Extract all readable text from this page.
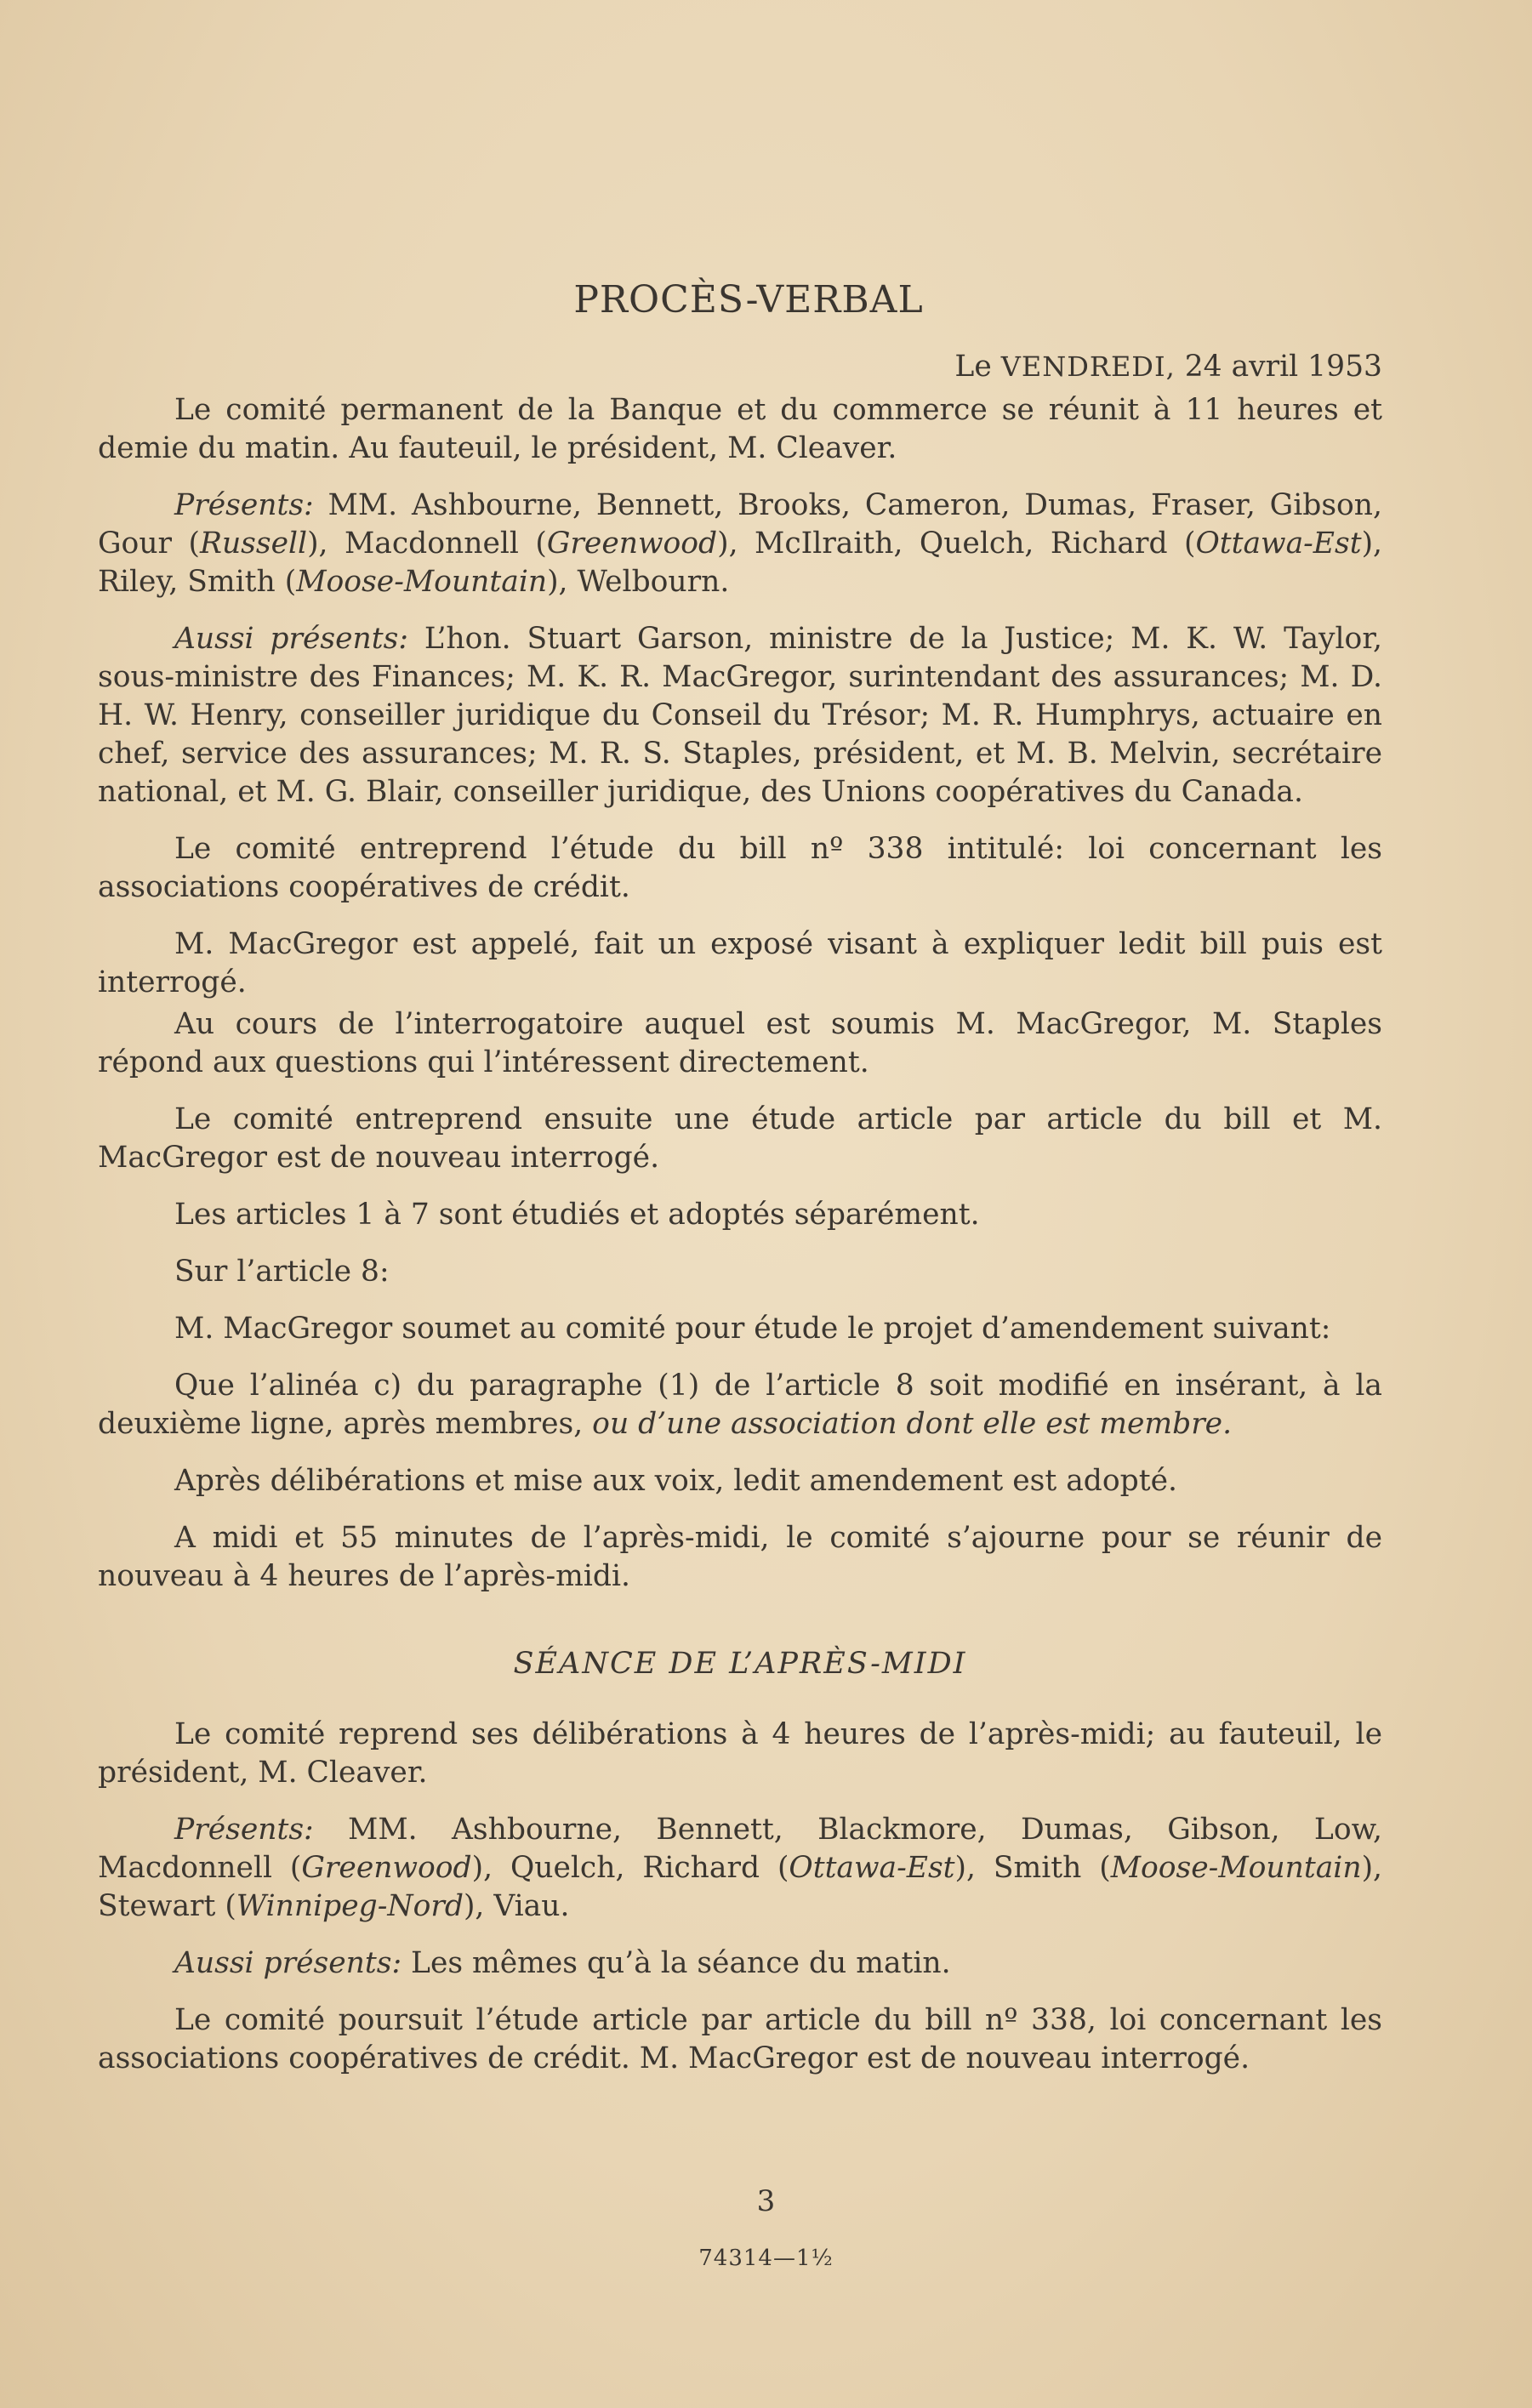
PROCÈS-VERBAL
Le VENDREDI, 24 avril 1953

Le comité permanent de la Banque et du commerce se réunit à 11 heures et demie du matin. Au fauteuil, le président, M. Cleaver.

Présents: MM. Ashbourne, Bennett, Brooks, Cameron, Dumas, Fraser, Gibson, Gour (Russell), Macdonnell (Greenwood), McIlraith, Quelch, Richard (Ottawa-Est), Riley, Smith (Moose-Mountain), Welbourn.

Aussi présents: L’hon. Stuart Garson, ministre de la Justice; M. K. W. Taylor, sous-ministre des Finances; M. K. R. MacGregor, surintendant des assurances; M. D. H. W. Henry, conseiller juridique du Conseil du Trésor; M. R. Humphrys, actuaire en chef, service des assurances; M. R. S. Staples, président, et M. B. Melvin, secrétaire national, et M. G. Blair, conseiller juridique, des Unions coopératives du Canada.

Le comité entreprend l’étude du bill nº 338 intitulé: loi concernant les associations coopératives de crédit.

M. MacGregor est appelé, fait un exposé visant à expliquer ledit bill puis est interrogé.

Au cours de l’interrogatoire auquel est soumis M. MacGregor, M. Staples répond aux questions qui l’intéressent directement.

Le comité entreprend ensuite une étude article par article du bill et M. MacGregor est de nouveau interrogé.

Les articles 1 à 7 sont étudiés et adoptés séparément.

Sur l’article 8:

M. MacGregor soumet au comité pour étude le projet d’amendement suivant:

Que l’alinéa c) du paragraphe (1) de l’article 8 soit modifié en insérant, à la deuxième ligne, après membres, ou d’une association dont elle est membre.

Après délibérations et mise aux voix, ledit amendement est adopté.

A midi et 55 minutes de l’après-midi, le comité s’ajourne pour se réunir de nouveau à 4 heures de l’après-midi.

SÉANCE DE L’APRÈS-MIDI

Le comité reprend ses délibérations à 4 heures de l’après-midi; au fauteuil, le président, M. Cleaver.

Présents: MM. Ashbourne, Bennett, Blackmore, Dumas, Gibson, Low, Macdonnell (Greenwood), Quelch, Richard (Ottawa-Est), Smith (Moose-Mountain), Stewart (Winnipeg-Nord), Viau.

Aussi présents: Les mêmes qu’à la séance du matin.

Le comité poursuit l’étude article par article du bill nº 338, loi concernant les associations coopératives de crédit. M. MacGregor est de nouveau interrogé.

3
74314—1½
